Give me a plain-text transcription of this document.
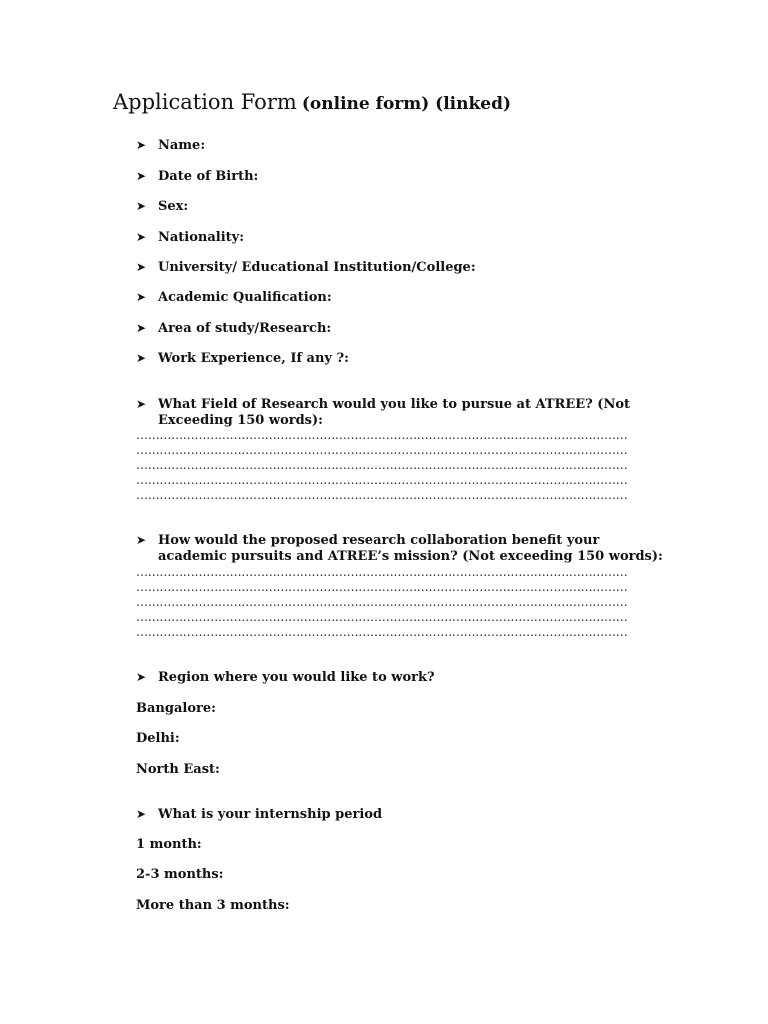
Application Form (online form) (linked)
➤ Name:
➤ Date of Birth:
➤ Sex:
➤ Nationality:
➤ University/ Educational Institution/College:
➤ Academic Qualification:
➤ Area of study/Research:
➤ Work Experience, If any ?:
➤ What Field of Research would you like to pursue at ATREE? (Not Exceeding 150 words):
………………………………………………………………………………………………………………
………………………………………………………………………………………………………………
………………………………………………………………………………………………………………
………………………………………………………………………………………………………………
………………………………………………………………………………………………………………
➤ How would the proposed research collaboration benefit your academic pursuits and ATREE’s mission? (Not exceeding 150 words):
………………………………………………………………………………………………………………
………………………………………………………………………………………………………………
………………………………………………………………………………………………………………
………………………………………………………………………………………………………………
………………………………………………………………………………………………………………
➤ Region where you would like to work?
Bangalore:
Delhi:
North East:
➤ What is your internship period
1 month:
2-3 months:
More than 3 months:
